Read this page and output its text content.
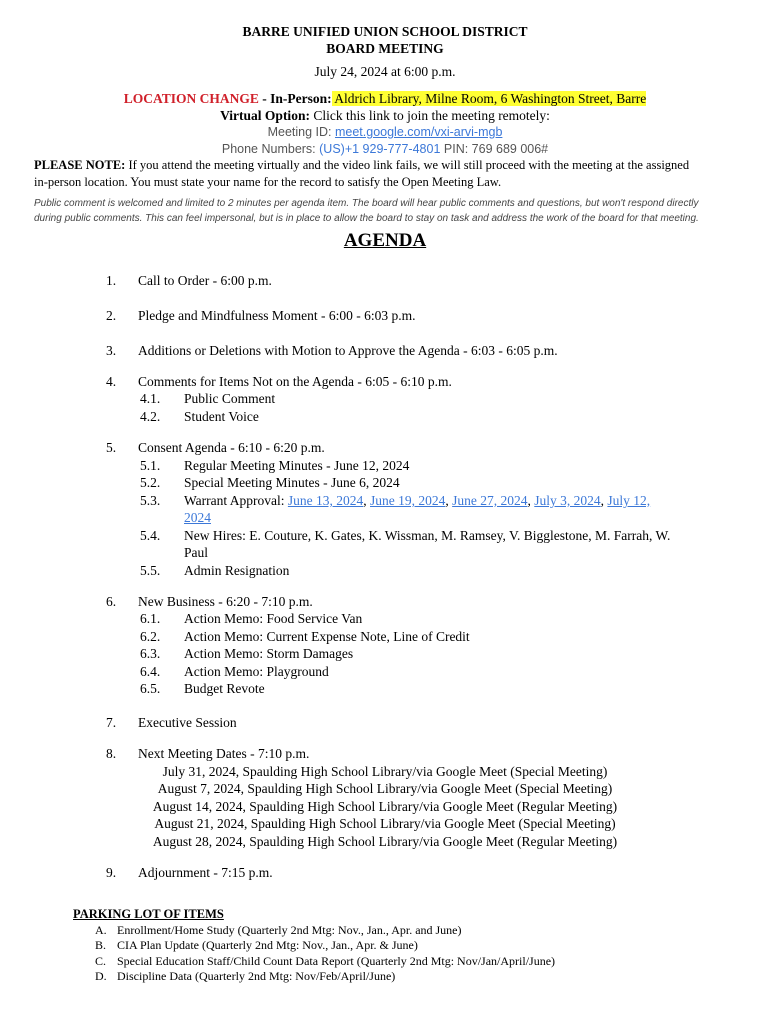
BARRE UNIFIED UNION SCHOOL DISTRICT
BOARD MEETING
July 24, 2024 at 6:00 p.m.
LOCATION CHANGE - In-Person: Aldrich Library, Milne Room, 6 Washington Street, Barre
Virtual Option: Click this link to join the meeting remotely:
Meeting ID: meet.google.com/vxi-arvi-mgb
Phone Numbers: (US)+1 929-777-4801 PIN: 769 689 006#
PLEASE NOTE: If you attend the meeting virtually and the video link fails, we will still proceed with the meeting at the assigned
in-person location. You must state your name for the record to satisfy the Open Meeting Law.
Public comment is welcomed and limited to 2 minutes per agenda item. The board will hear public comments and questions, but won't respond directly
during public comments. This can feel impersonal, but is in place to allow the board to stay on task and address the work of the board for that meeting.
AGENDA
1.	Call to Order - 6:00 p.m.
2.	Pledge and Mindfulness Moment - 6:00 - 6:03 p.m.
3.	Additions or Deletions with Motion to Approve the Agenda - 6:03 - 6:05 p.m.
4.	Comments for Items Not on the Agenda - 6:05 - 6:10 p.m.
4.1.	Public Comment
4.2.	Student Voice
5.	Consent Agenda - 6:10 - 6:20 p.m.
5.1.	Regular Meeting Minutes - June 12, 2024
5.2.	Special Meeting Minutes - June 6, 2024
5.3.	Warrant Approval: June 13, 2024, June 19, 2024, June 27, 2024, July 3, 2024, July 12,
2024
5.4.	New Hires: E. Couture, K. Gates, K. Wissman, M. Ramsey, V. Bigglestone, M. Farrah, W.
Paul
5.5.	Admin Resignation
6.	New Business - 6:20 - 7:10 p.m.
6.1.	Action Memo: Food Service Van
6.2.	Action Memo: Current Expense Note, Line of Credit
6.3.	Action Memo: Storm Damages
6.4.	Action Memo: Playground
6.5.	Budget Revote
7.	Executive Session
8.	Next Meeting Dates - 7:10 p.m.
July 31, 2024, Spaulding High School Library/via Google Meet (Special Meeting)
August 7, 2024, Spaulding High School Library/via Google Meet (Special Meeting)
August 14, 2024, Spaulding High School Library/via Google Meet (Regular Meeting)
August 21, 2024, Spaulding High School Library/via Google Meet (Special Meeting)
August 28, 2024, Spaulding High School Library/via Google Meet (Regular Meeting)
9.	Adjournment - 7:15 p.m.
PARKING LOT OF ITEMS
A. Enrollment/Home Study (Quarterly 2nd Mtg: Nov., Jan., Apr. and June)
B. CIA Plan Update (Quarterly 2nd Mtg: Nov., Jan., Apr. & June)
C. Special Education Staff/Child Count Data Report (Quarterly 2nd Mtg: Nov/Jan/April/June)
D. Discipline Data (Quarterly 2nd Mtg: Nov/Feb/April/June)
